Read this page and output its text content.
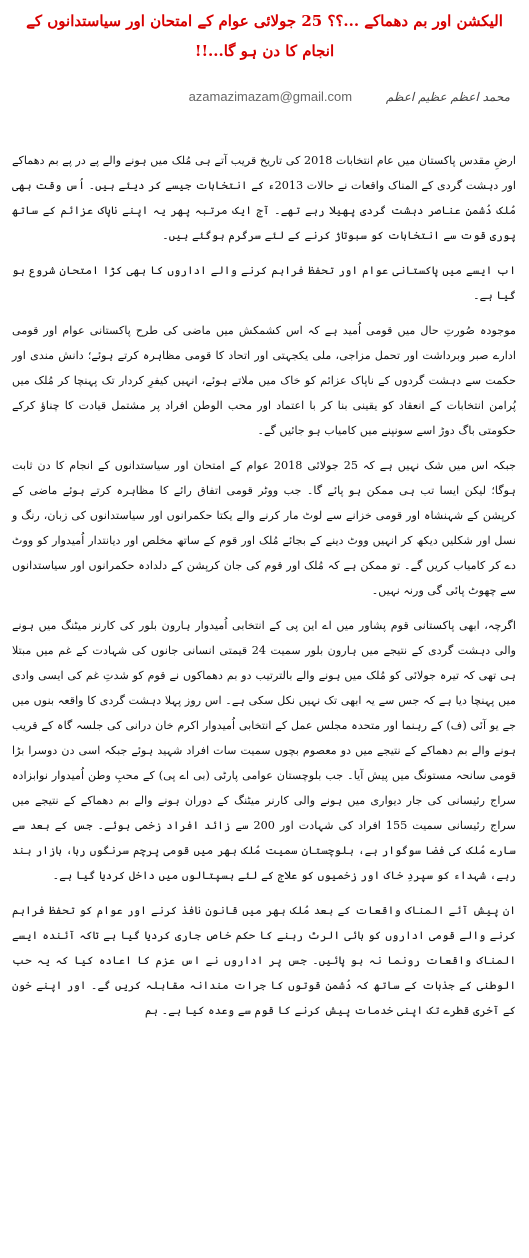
الیکشن اور بم دھماکے ...؟؟ 25 جولائی عوام کے امتحان اور سیاستدانوں کے انجام کا دن ہو گا...!!
محمد اعظم عظیم اعظم azamazimazam@gmail.com

ارضِ مقدس پاکستان میں عام انتخابات 2018 کی تاریخ قریب آتے ہی مُلک میں ہونے والے پے در پے بم دھماکے اور دہشت گردی کے المناک واقعات نے حالات 2013ء کے انتخابات جیسے کر دیئے ہیں۔ اُس وقت بھی مُلک دُشمن عناصر دہشت گردی پھیلا رہے تھے۔ آج ایک مرتبہ پھر یہ اپنے ناپاک عزائم کے ساتھ پوری قوت سے انتخابات کو سبوتاژ کرنے کے لئے سرگرم ہوگئے ہیں۔

اب ایسے میں پاکستانی عوام اور تحفظ فراہم کرنے والے اداروں کا بھی کڑا امتحان شروع ہو گیا ہے۔

موجودہ صُورتِ حال میں قومی اُمید ہے کہ اس کشمکش میں ماضی کی طرح پاکستانی عوام اور قومی ادارے صبر وبرداشت اور تحمل مزاجی، ملی یکجہتی اور اتحاد کا قومی مظاہرہ کرتے ہوئے؛ دانش مندی اور حکمت سے دہشت گردوں کے ناپاک عزائم کو خاک میں ملاتے ہوئے، انہیں کیفرِ کردار تک پہنچا کر مُلک میں پُرامن انتخابات کے انعقاد کو یقینی بنا کر با اعتماد اور محب الوطن افراد پر مشتمل قیادت کا چناؤ کرکے حکومتی باگ دوڑ اسے سونپنے میں کامیاب ہو جائیں گے۔

جبکہ اس میں شک نہیں ہے کہ 25 جولائی 2018 عوام کے امتحان اور سیاستدانوں کے انجام کا دن ثابت ہوگا؛ لیکن ایسا تب ہی ممکن ہو پائے گا۔ جب ووٹر قومی اتفاق رائے کا مظاہرہ کرتے ہوئے ماضی کے کرپشن کے شہنشاہ اور قومی خزانے سے لوٹ مار کرنے والے یکتا حکمرانوں اور سیاستدانوں کی زبان، رنگ و نسل اور شکلیں دیکھ کر انہیں ووٹ دینے کے بجائے مُلک اور قوم کے ساتھ مخلص اور دیانتدار اُمیدوار کو ووٹ دے کر کامیاب کریں گے۔ تو ممکن ہے کہ مُلک اور قوم کی جان کرپشن کے دلدادہ حکمرانوں اور سیاستدانوں سے چھوٹ پائی گی ورنہ نہیں۔

اگرچہ، ابھی پاکستانی قوم پشاور میں اے این پی کے انتخابی اُمیدوار ہارون بلور کی کارنر میٹنگ میں ہونے والی دہشت گردی کے نتیجے میں ہارون بلور سمیت 24 قیمتی انسانی جانوں کی شہادت کے غم میں مبتلا ہی تھی کہ تیرہ جولائی کو مُلک میں ہونے والے بالترتیب دو بم دھماکوں نے قوم کو شدتِ غم کی ایسی وادی میں پہنچا دیا ہے کہ جس سے یہ ابھی تک نہیں نکل سکی ہے۔ اس روز پہلا دہشت گردی کا واقعہ بنوں میں جے یو آئی (ف) کے رہنما اور متحدہ مجلس عمل کے انتخابی اُمیدوار اکرم خان درانی کی جلسہ گاہ کے قریب ہونے والے بم دھماکے کے نتیجے میں دو معصوم بچوں سمیت سات افراد شہید ہوئے جبکہ اسی دن دوسرا بڑا قومی سانحہ مستونگ میں پیش آیا۔ جب بلوچستان عوامی پارٹی (بی اے پی) کے محبِ وطن اُمیدوار نوابزادہ سراج رئیسانی کی جار دیواری میں ہونے والی کارنر میٹنگ کے دوران ہونے والے بم دھماکے کے نتیجے میں سراج رئیسانی سمیت 155 افراد کی شہادت اور 200 سے زائد افراد زخمی ہوئے۔ جس کے بعد سے سارے مُلک کی فضا سوگوار ہے، بلوچستان سمیت مُلک بھر میں قومی پرچم سرنگوں رہا، بازار بند رہے، شہداء کو سپردِ خاک اور زخمیوں کو علاج کے لئے ہسپتالوں میں داخل کردیا گیا ہے۔

ان پیش آئے المناک واقعات کے بعد مُلک بھر میں قانون نافذ کرنے اور عوام کو تحفظ فراہم کرنے والے قومی اداروں کو ہائی الرٹ رہنے کا حکم خاص جاری کردیا گیا ہے تاکہ آئندہ ایسے المناک واقعات رونما نہ ہو پائیں۔ جس پر اداروں نے اس عزم کا اعادہ کیا کہ یہ حب الوطنی کے جذبات کے ساتھ کہ دُشمن قوتوں کا جرات مندانہ مقابلہ کریں گے۔ اور اپنے خون کے آخری قطرے تک اپنی خدمات پیش کرنے کا قوم سے وعدہ کیا ہے۔ ہم
